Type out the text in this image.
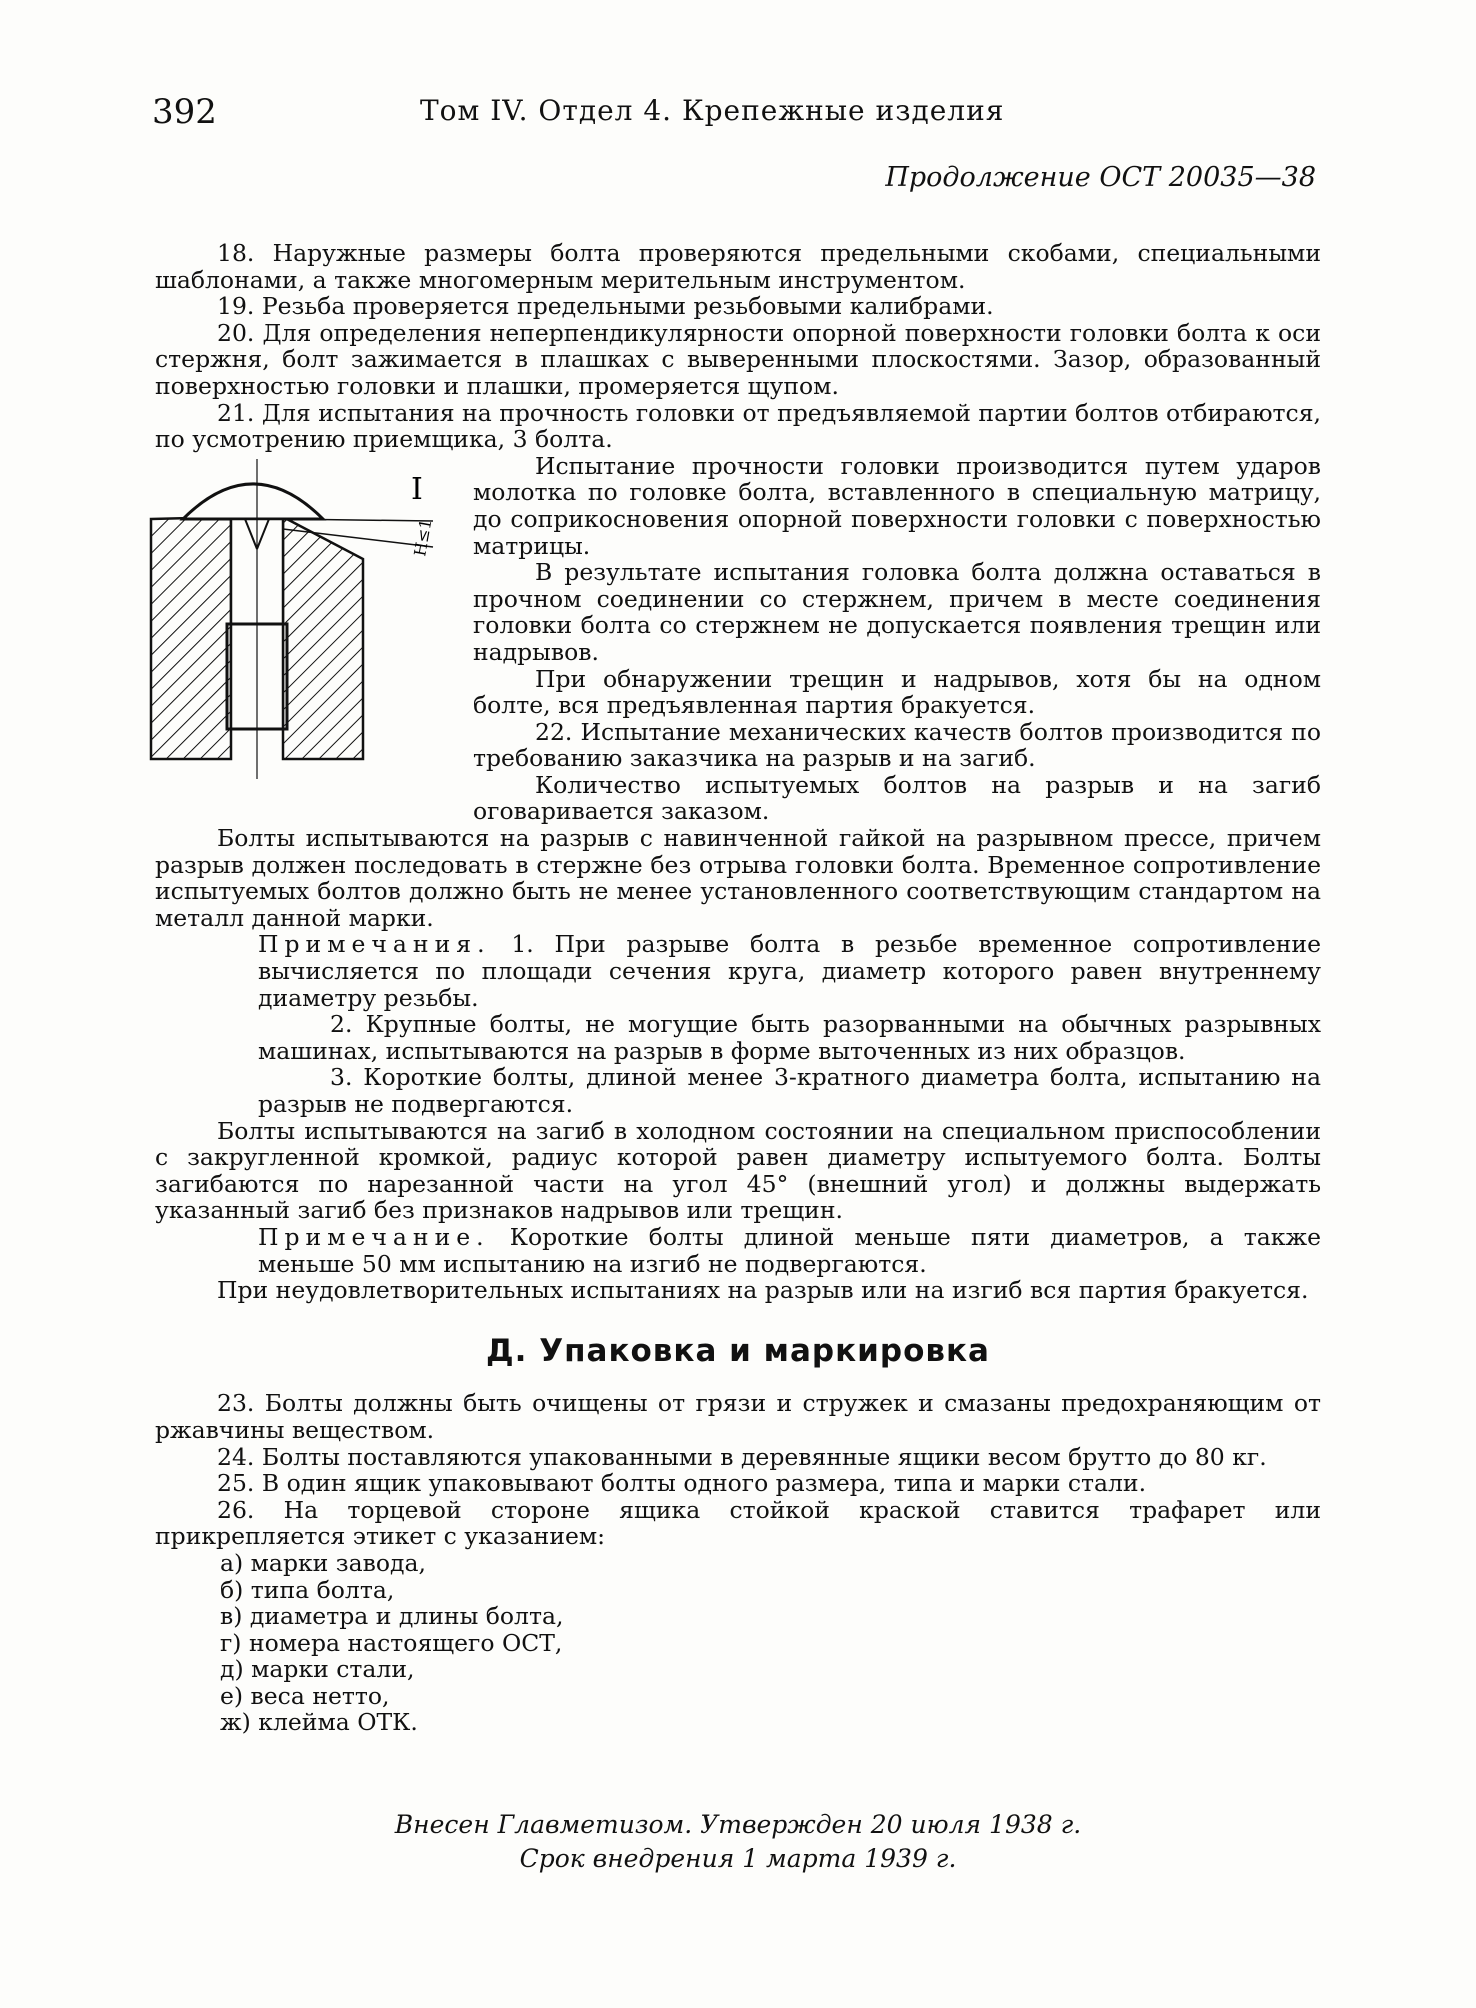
392	Том IV. Отдел 4. Крепежные изделия
Продолжение ОСТ 20035—38

18. Наружные размеры болта проверяются предельными скобами, специальными шаблонами, а также многомерным мерительным инструментом.

19. Резьба проверяется предельными резьбовыми калибрами.

20. Для определения неперпендикулярности опорной поверхности головки болта к оси стержня, болт зажимается в плашках с выверенными плоскостями. Зазор, образованный поверхностью головки и плашки, промеряется щупом.

21. Для испытания на прочность головки от предъявляемой партии болтов отбираются, по усмотрению приемщика, 3 болта.

I
H≤1

Испытание прочности головки производится путем ударов молотка по головке болта, вставленного в специальную матрицу, до соприкосновения опорной поверхности головки с поверхностью матрицы.

В результате испытания головка болта должна оставаться в прочном соединении со стержнем, причем в месте соединения головки болта со стержнем не допускается появления трещин или надрывов.

При обнаружении трещин и надрывов, хотя бы на одном болте, вся предъявленная партия бракуется.

22. Испытание механических качеств болтов производится по требованию заказчика на разрыв и на загиб.

Количество испытуемых болтов на разрыв и на загиб оговаривается заказом.

Болты испытываются на разрыв с навинченной гайкой на разрывном прессе, причем разрыв должен последовать в стержне без отрыва головки болта. Временное сопротивление испытуемых болтов должно быть не менее установленного соответствующим стандартом на металл данной марки.

Примечания. 1. При разрыве болта в резьбе временное сопротивление вычисляется по площади сечения круга, диаметр которого равен внутреннему диаметру резьбы.

2. Крупные болты, не могущие быть разорванными на обычных разрывных машинах, испытываются на разрыв в форме выточенных из них образцов.

3. Короткие болты, длиной менее 3-кратного диаметра болта, испытанию на разрыв не подвергаются.

Болты испытываются на загиб в холодном состоянии на специальном приспособлении с закругленной кромкой, радиус которой равен диаметру испытуемого болта. Болты загибаются по нарезанной части на угол 45° (внешний угол) и должны выдержать указанный загиб без признаков надрывов или трещин.

Примечание. Короткие болты длиной меньше пяти диаметров, а также меньше 50 мм испытанию на изгиб не подвергаются.

При неудовлетворительных испытаниях на разрыв или на изгиб вся партия бракуется.

Д. Упаковка и маркировка

23. Болты должны быть очищены от грязи и стружек и смазаны предохраняющим от ржавчины веществом.

24. Болты поставляются упакованными в деревянные ящики весом брутто до 80 кг.

25. В один ящик упаковывают болты одного размера, типа и марки стали.

26. На торцевой стороне ящика стойкой краской ставится трафарет или прикрепляется этикет с указанием:

а) марки завода,
б) типа болта,
в) диаметра и длины болта,
г) номера настоящего ОСТ,
д) марки стали,
е) веса нетто,
ж) клейма ОТК.
Внесен Главметизом. Утвержден 20 июля 1938 г.
Срок внедрения 1 марта 1939 г.
